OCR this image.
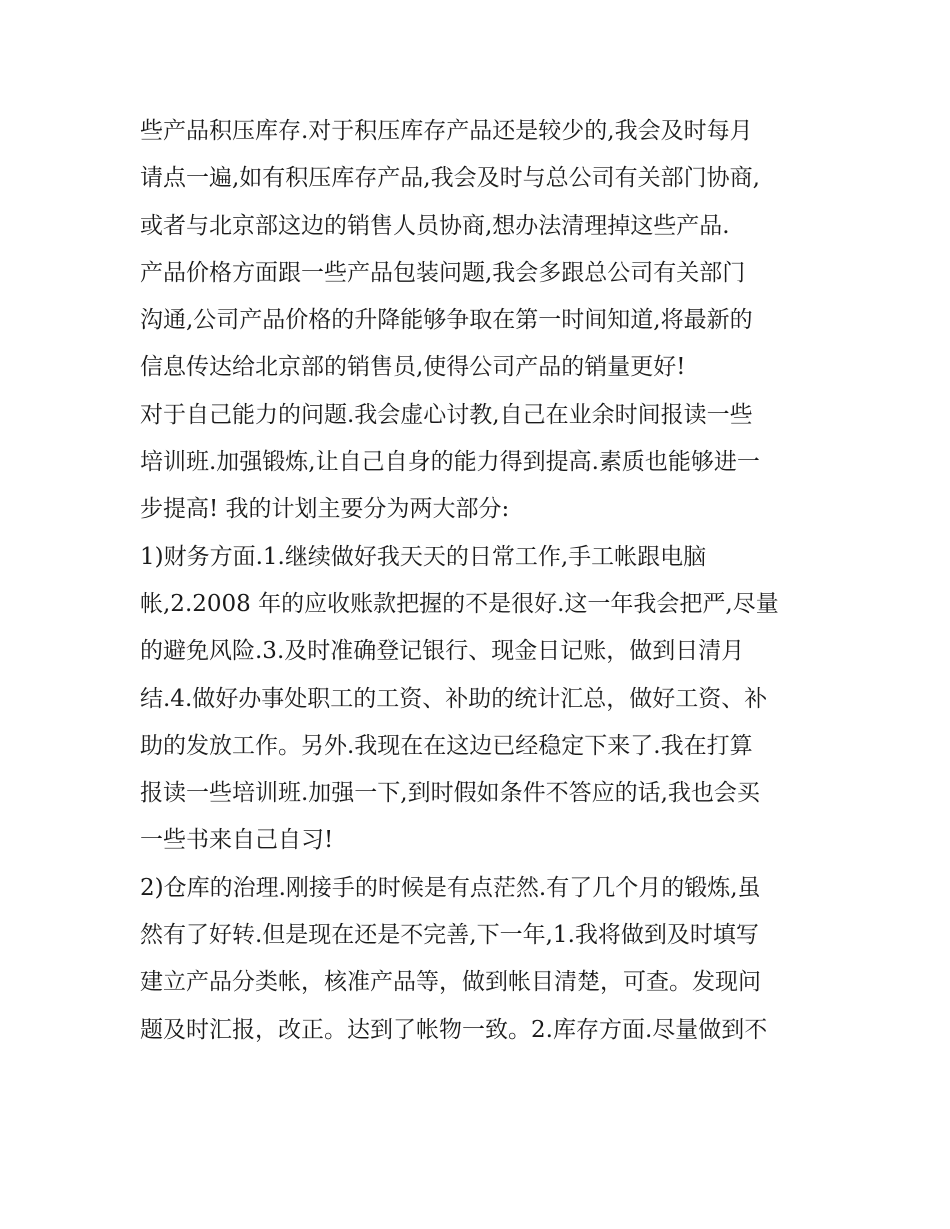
些产品积压库存.对于积压库存产品还是较少的,我会及时每月
请点一遍,如有积压库存产品,我会及时与总公司有关部门协商,
或者与北京部这边的销售人员协商,想办法清理掉这些产品.
产品价格方面跟一些产品包装问题,我会多跟总公司有关部门
沟通,公司产品价格的升降能够争取在第一时间知道,将最新的
信息传达给北京部的销售员,使得公司产品的销量更好!
对于自己能力的问题.我会虚心讨教,自己在业余时间报读一些
培训班.加强锻炼,让自己自身的能力得到提高.素质也能够进一
步提高! 我的计划主要分为两大部分:
1)财务方面.1.继续做好我天天的日常工作,手工帐跟电脑
帐,2.2008 年的应收账款把握的不是很好.这一年我会把严,尽量
的避免风险.3.及时准确登记银行、现金日记账，做到日清月
结.4.做好办事处职工的工资、补助的统计汇总，做好工资、补
助的发放工作。另外.我现在在这边已经稳定下来了.我在打算
报读一些培训班.加强一下,到时假如条件不答应的话,我也会买
一些书来自己自习!
2)仓库的治理.刚接手的时候是有点茫然.有了几个月的锻炼,虽
然有了好转.但是现在还是不完善,下一年,1.我将做到及时填写
建立产品分类帐，核准产品等，做到帐目清楚，可查。发现问
题及时汇报，改正。达到了帐物一致。2.库存方面.尽量做到不
